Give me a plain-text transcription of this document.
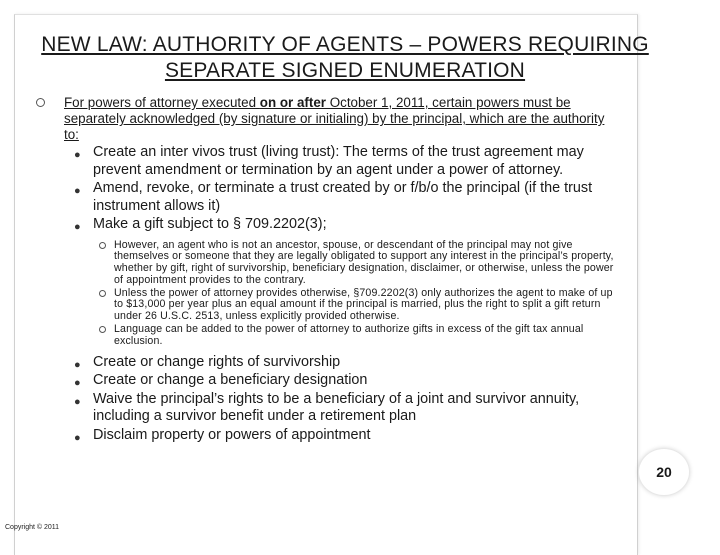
NEW LAW: AUTHORITY OF AGENTS – POWERS REQUIRING SEPARATE SIGNED ENUMERATION
For powers of attorney executed on or after October 1, 2011, certain powers must be separately acknowledged (by signature or initialing) by the principal, which are the authority to:
● Create an inter vivos trust (living trust): The terms of the trust agreement may prevent amendment or termination by an agent under a power of attorney.
● Amend, revoke, or terminate a trust created by or f/b/o the principal (if the trust instrument allows it)
● Make a gift subject to § 709.2202(3);
However, an agent who is not an ancestor, spouse, or descendant of the principal may not give themselves or someone that they are legally obligated to support any interest in the principal’s property, whether by gift, right of survivorship, beneficiary designation, disclaimer, or otherwise, unless the power of appointment provides to the contrary.
Unless the power of attorney provides otherwise, §709.2202(3) only authorizes the agent to make of up to $13,000 per year plus an equal amount if the principal is married, plus the right to split a gift return under 26 U.S.C. 2513, unless explicitly provided otherwise.
Language can be added to the power of attorney to authorize gifts in excess of the gift tax annual exclusion.
● Create or change rights of survivorship
● Create or change a beneficiary designation
● Waive the principal’s rights to be a beneficiary of a joint and survivor annuity, including a survivor benefit under a retirement plan
● Disclaim property or powers of appointment
20
Copyright © 2011
